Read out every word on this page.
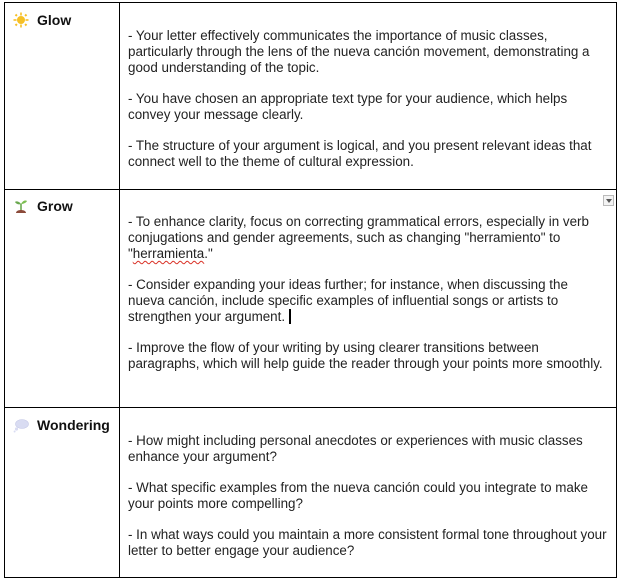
Glow

- Your letter effectively communicates the importance of music classes, particularly through the lens of the nueva canción movement, demonstrating a good understanding of the topic.

- You have chosen an appropriate text type for your audience, which helps convey your message clearly.

- The structure of your argument is logical, and you present relevant ideas that connect well to the theme of cultural expression.

Grow

- To enhance clarity, focus on correcting grammatical errors, especially in verb conjugations and gender agreements, such as changing "herramiento" to "herramienta."

- Consider expanding your ideas further; for instance, when discussing the nueva canción, include specific examples of influential songs or artists to strengthen your argument.

- Improve the flow of your writing by using clearer transitions between paragraphs, which will help guide the reader through your points more smoothly.

Wondering

- How might including personal anecdotes or experiences with music classes enhance your argument?

- What specific examples from the nueva canción could you integrate to make your points more compelling?

- In what ways could you maintain a more consistent formal tone throughout your letter to better engage your audience?
